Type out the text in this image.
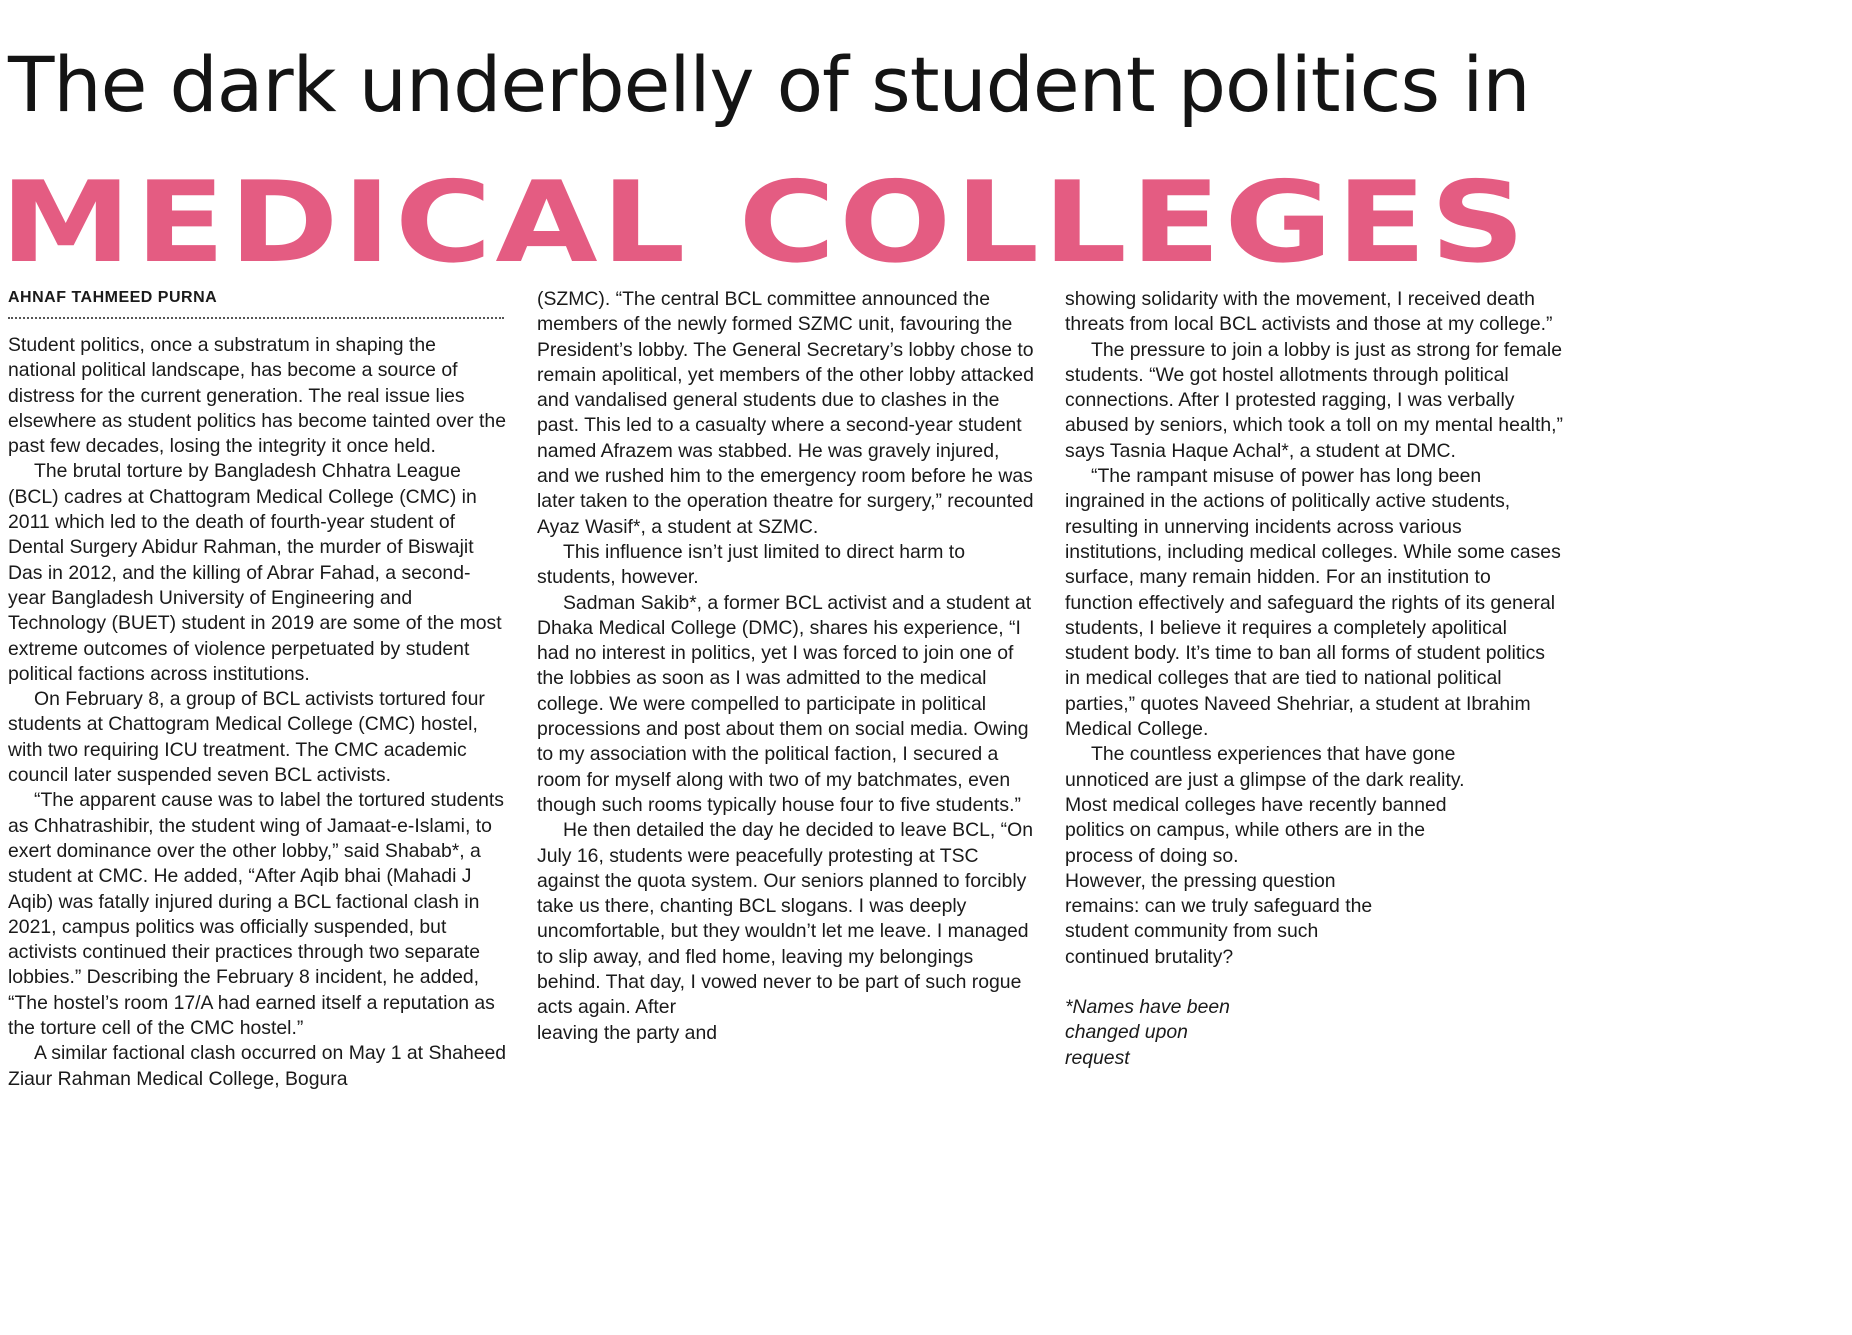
The dark underbelly of student politics in
MEDICAL COLLEGES
AHNAF TAHMEED PURNA

Student politics, once a substratum in shaping the national political landscape, has become a source of distress for the current generation. The real issue lies elsewhere as student politics has become tainted over the past few decades, losing the integrity it once held.

The brutal torture by Bangladesh Chhatra League (BCL) cadres at Chattogram Medical College (CMC) in 2011 which led to the death of fourth-year student of Dental Surgery Abidur Rahman, the murder of Biswajit Das in 2012, and the killing of Abrar Fahad, a second-year Bangladesh University of Engineering and Technology (BUET) student in 2019 are some of the most extreme outcomes of violence perpetuated by student political factions across institutions.

On February 8, a group of BCL activists tortured four students at Chattogram Medical College (CMC) hostel, with two requiring ICU treatment. The CMC academic council later suspended seven BCL activists.

“The apparent cause was to label the tortured students as Chhatrashibir, the student wing of Jamaat-e-Islami, to exert dominance over the other lobby,” said Shabab*, a student at CMC. He added, “After Aqib bhai (Mahadi J Aqib) was fatally injured during a BCL factional clash in 2021, campus politics was officially suspended, but activists continued their practices through two separate lobbies.” Describing the February 8 incident, he added, “The hostel’s room 17/A had earned itself a reputation as the torture cell of the CMC hostel.”

A similar factional clash occurred on May 1 at Shaheed Ziaur Rahman Medical College, Bogura

(SZMC). “The central BCL committee announced the members of the newly formed SZMC unit, favouring the President’s lobby. The General Secretary’s lobby chose to remain apolitical, yet members of the other lobby attacked and vandalised general students due to clashes in the past. This led to a casualty where a second-year student named Afrazem was stabbed. He was gravely injured, and we rushed him to the emergency room before he was later taken to the operation theatre for surgery,” recounted Ayaz Wasif*, a student at SZMC.

This influence isn’t just limited to direct harm to students, however.

Sadman Sakib*, a former BCL activist and a student at Dhaka Medical College (DMC), shares his experience, “I had no interest in politics, yet I was forced to join one of the lobbies as soon as I was admitted to the medical college. We were compelled to participate in political processions and post about them on social media. Owing to my association with the political faction, I secured a room for myself along with two of my batchmates, even though such rooms typically house four to five students.”

He then detailed the day he decided to leave BCL, “On July 16, students were peacefully protesting at TSC against the quota system. Our seniors planned to forcibly take us there, chanting BCL slogans. I was deeply uncomfortable, but they wouldn’t let me leave. I managed to slip away, and fled home, leaving my belongings behind. That day, I vowed never to be part of such rogue acts again. After

leaving the party and

showing solidarity with the movement, I received death threats from local BCL activists and those at my college.”

The pressure to join a lobby is just as strong for female students. “We got hostel allotments through political connections. After I protested ragging, I was verbally abused by seniors, which took a toll on my mental health,” says Tasnia Haque Achal*, a student at DMC.

“The rampant misuse of power has long been ingrained in the actions of politically active students, resulting in unnerving incidents across various institutions, including medical colleges. While some cases surface, many remain hidden. For an institution to function effectively and safeguard the rights of its general students, I believe it requires a completely apolitical student body. It’s time to ban all forms of student politics in medical colleges that are tied to national political parties,” quotes Naveed Shehriar, a student at Ibrahim Medical College.

The countless experiences that have gone unnoticed are just a glimpse of the dark reality. Most medical colleges have recently banned politics on campus, while others are in the process of doing so.

However, the pressing question remains: can we truly safeguard the student community from such continued brutality?

*Names have been changed upon request
